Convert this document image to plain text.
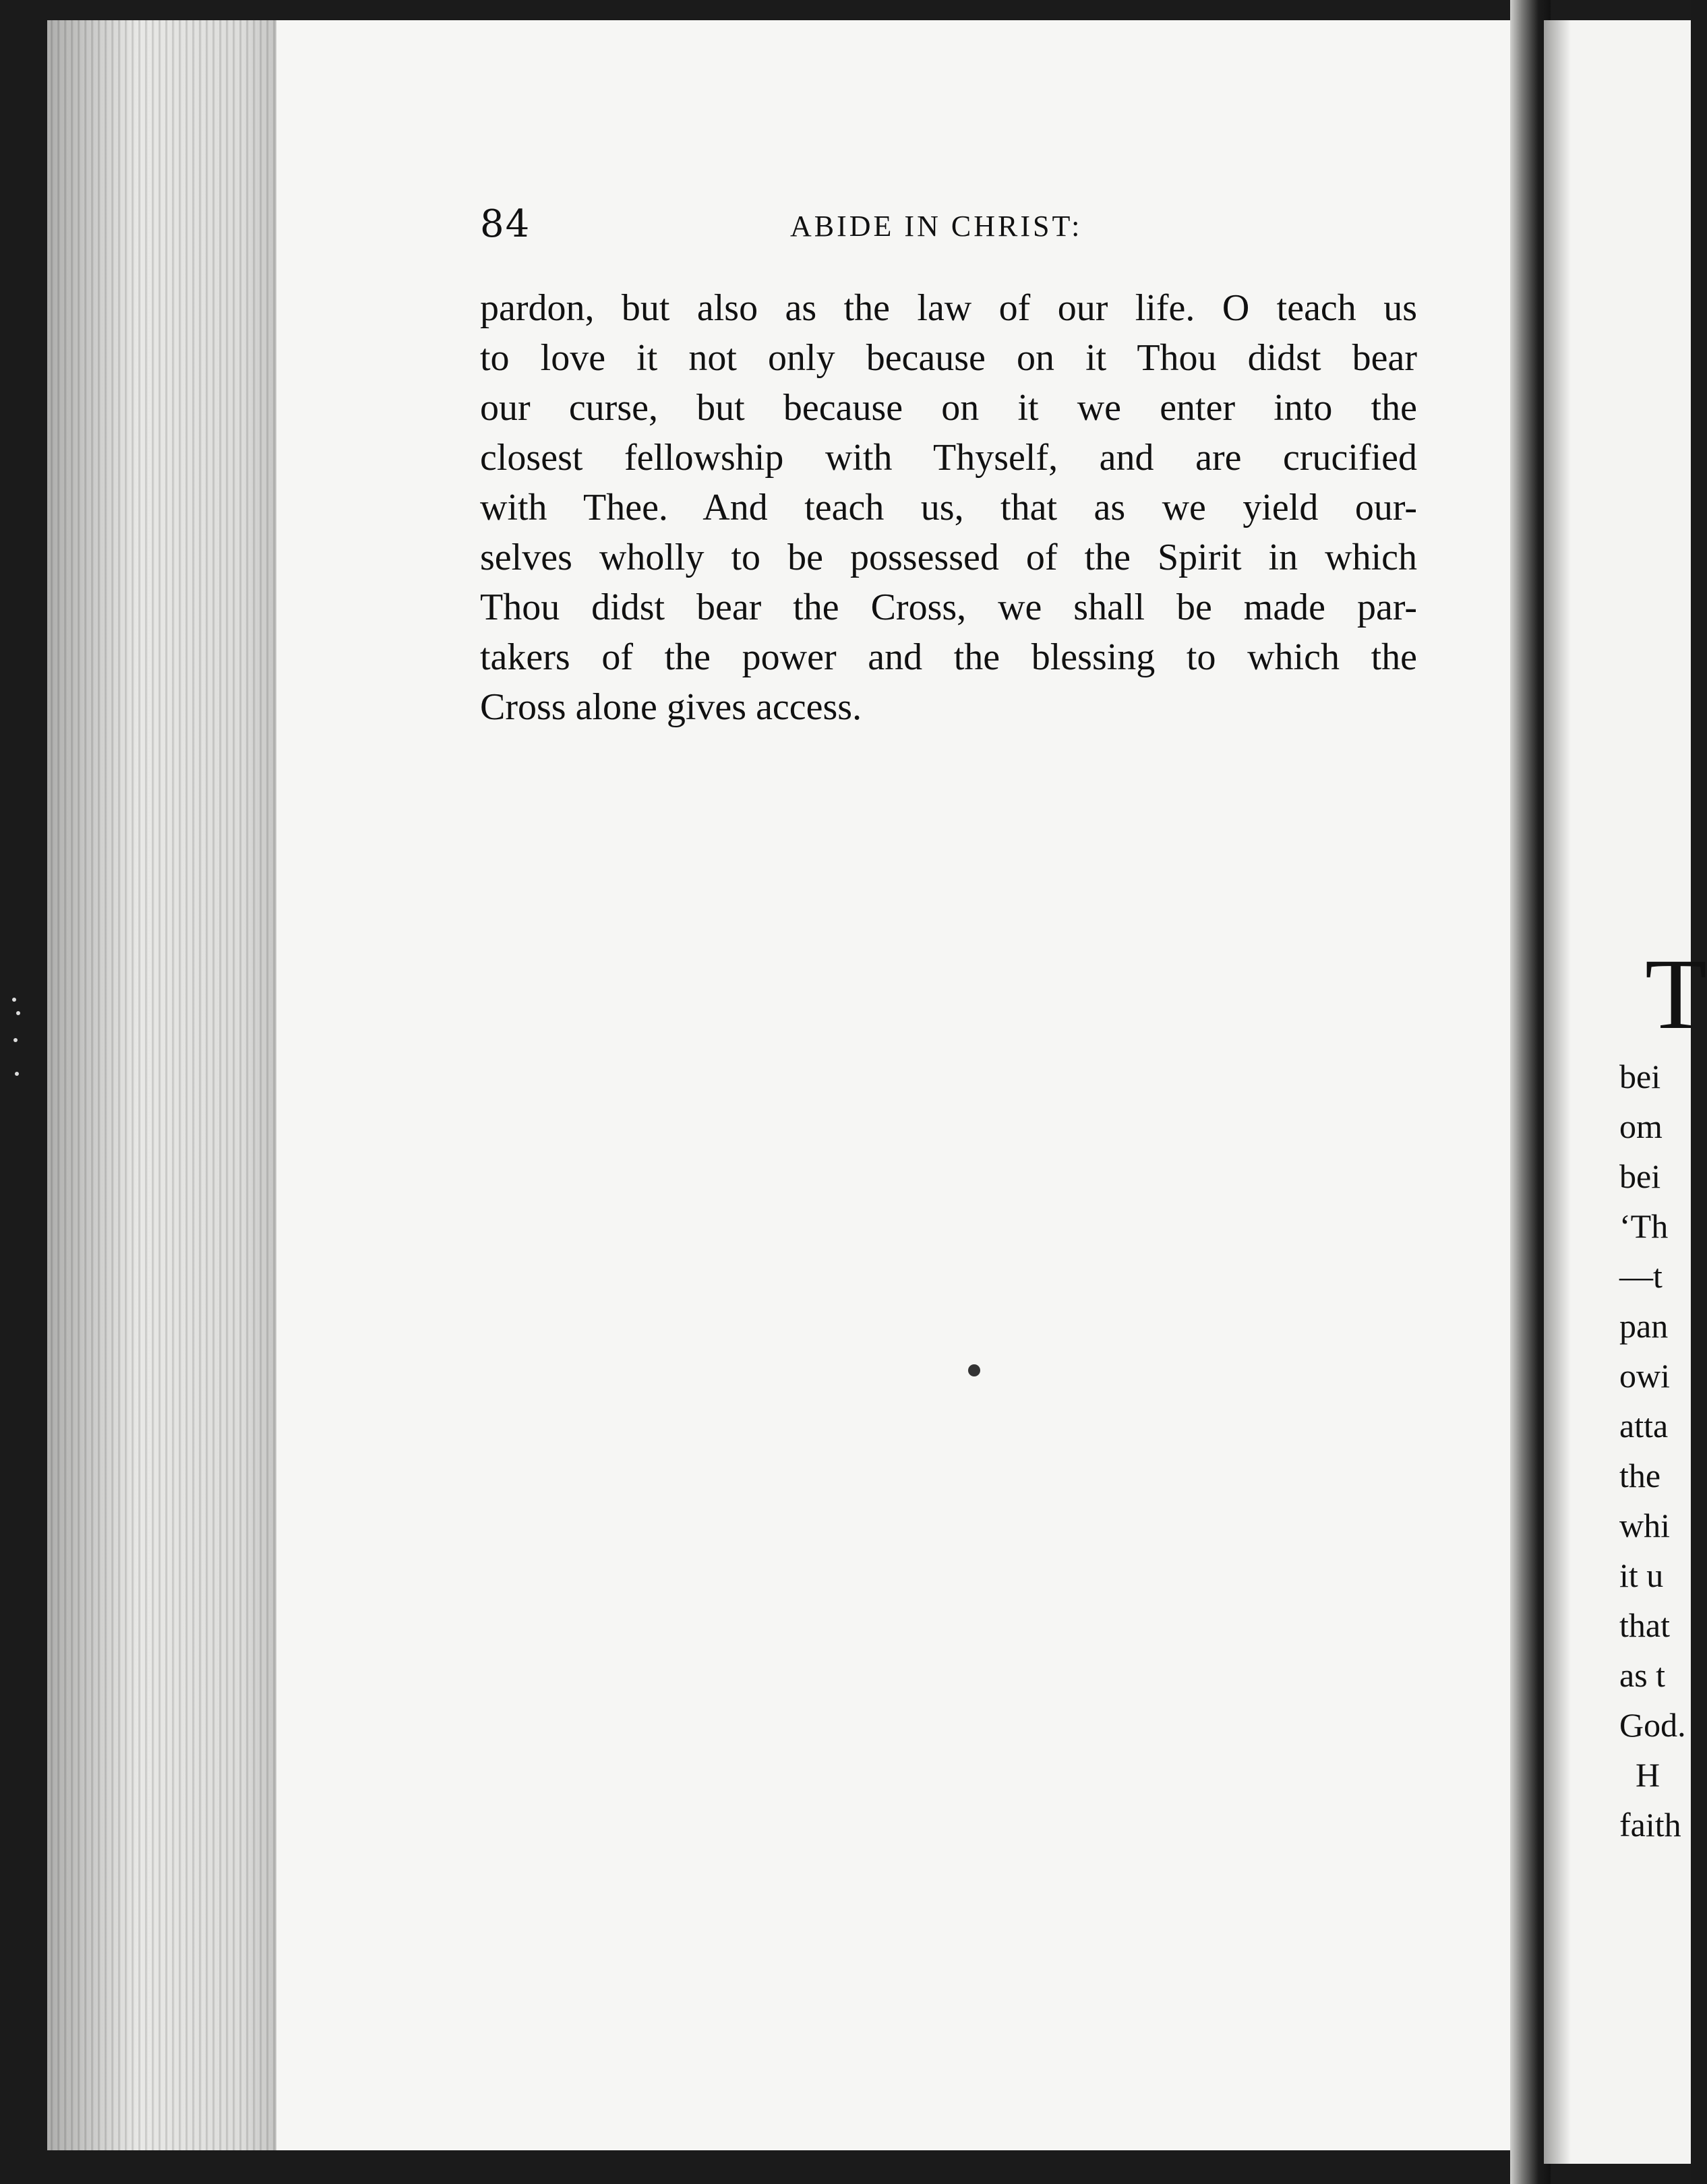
84	ABIDE IN CHRIST:
pardon, but also as the law of our life. O teach us
to love it not only because on it Thou didst bear
our curse, but because on it we enter into the
closest fellowship with Thyself, and are crucified
with Thee. And teach us, that as we yield our-
selves wholly to be possessed of the Spirit in which
Thou didst bear the Cross, we shall be made par-
takers of the power and the blessing to which the
Cross alone gives access.
T
bei
om
bei
‘Th
—t
pan
owi
atta
the
whi
it u
that
as t
God.
H
faith
